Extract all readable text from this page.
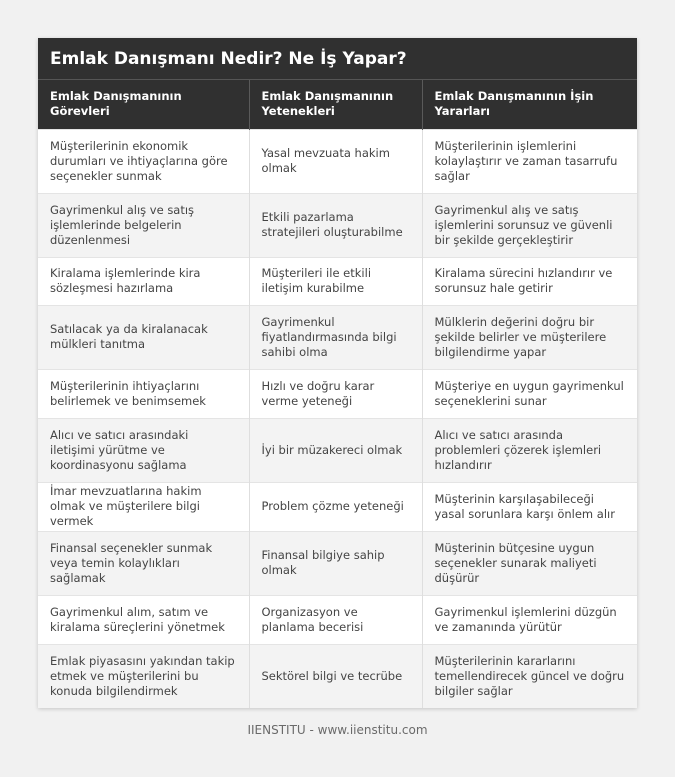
Emlak Danışmanı Nedir? Ne İş Yapar?
Emlak Danışmanının Görevleri	Emlak Danışmanının Yetenekleri	Emlak Danışmanının İşin Yararları
Müşterilerinin ekonomik durumları ve ihtiyaçlarına göre seçenekler sunmak	Yasal mevzuata hakim olmak	Müşterilerinin işlemlerini kolaylaştırır ve zaman tasarrufu sağlar
Gayrimenkul alış ve satış işlemlerinde belgelerin düzenlenmesi	Etkili pazarlama stratejileri oluşturabilme	Gayrimenkul alış ve satış işlemlerini sorunsuz ve güvenli bir şekilde gerçekleştirir
Kiralama işlemlerinde kira sözleşmesi hazırlama	Müşterileri ile etkili iletişim kurabilme	Kiralama sürecini hızlandırır ve sorunsuz hale getirir
Satılacak ya da kiralanacak mülkleri tanıtma	Gayrimenkul fiyatlandırmasında bilgi sahibi olma	Mülklerin değerini doğru bir şekilde belirler ve müşterilere bilgilendirme yapar
Müşterilerinin ihtiyaçlarını belirlemek ve benimsemek	Hızlı ve doğru karar verme yeteneği	Müşteriye en uygun gayrimenkul seçeneklerini sunar
Alıcı ve satıcı arasındaki iletişimi yürütme ve koordinasyonu sağlama	İyi bir müzakereci olmak	Alıcı ve satıcı arasında problemleri çözerek işlemleri hızlandırır
İmar mevzuatlarına hakim olmak ve müşterilere bilgi vermek	Problem çözme yeteneği	Müşterinin karşılaşabileceği yasal sorunlara karşı önlem alır
Finansal seçenekler sunmak veya temin kolaylıkları sağlamak	Finansal bilgiye sahip olmak	Müşterinin bütçesine uygun seçenekler sunarak maliyeti düşürür
Gayrimenkul alım, satım ve kiralama süreçlerini yönetmek	Organizasyon ve planlama becerisi	Gayrimenkul işlemlerini düzgün ve zamanında yürütür
Emlak piyasasını yakından takip etmek ve müşterilerini bu konuda bilgilendirmek	Sektörel bilgi ve tecrübe	Müşterilerinin kararlarını temellendirecek güncel ve doğru bilgiler sağlar
IIENSTITU - www.iienstitu.com
